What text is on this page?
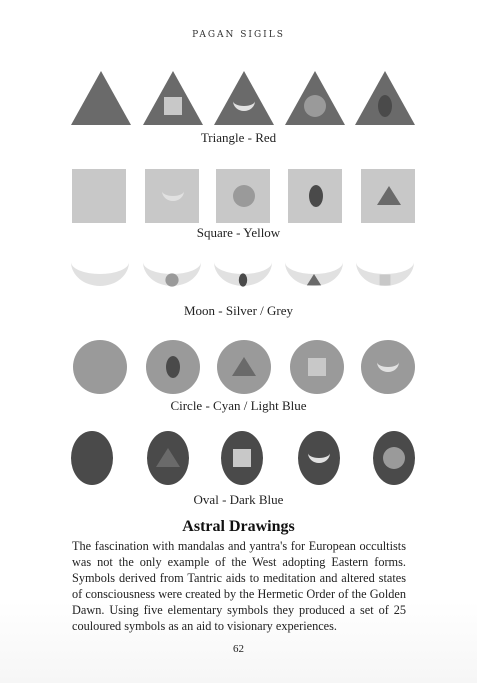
PAGAN SIGILS
Triangle - Red
Square - Yellow
Moon - Silver / Grey
Circle - Cyan / Light Blue
Oval - Dark Blue
Astral Drawings
The fascination with mandalas and yantra's for European occultists was not the only example of the West adopting Eastern forms. Symbols derived from Tantric aids to meditation and altered states of consciousness were created by the Hermetic Order of the Golden Dawn. Using five elementary symbols they produced a set of 25 couloured symbols as an aid to visionary experiences.
62
